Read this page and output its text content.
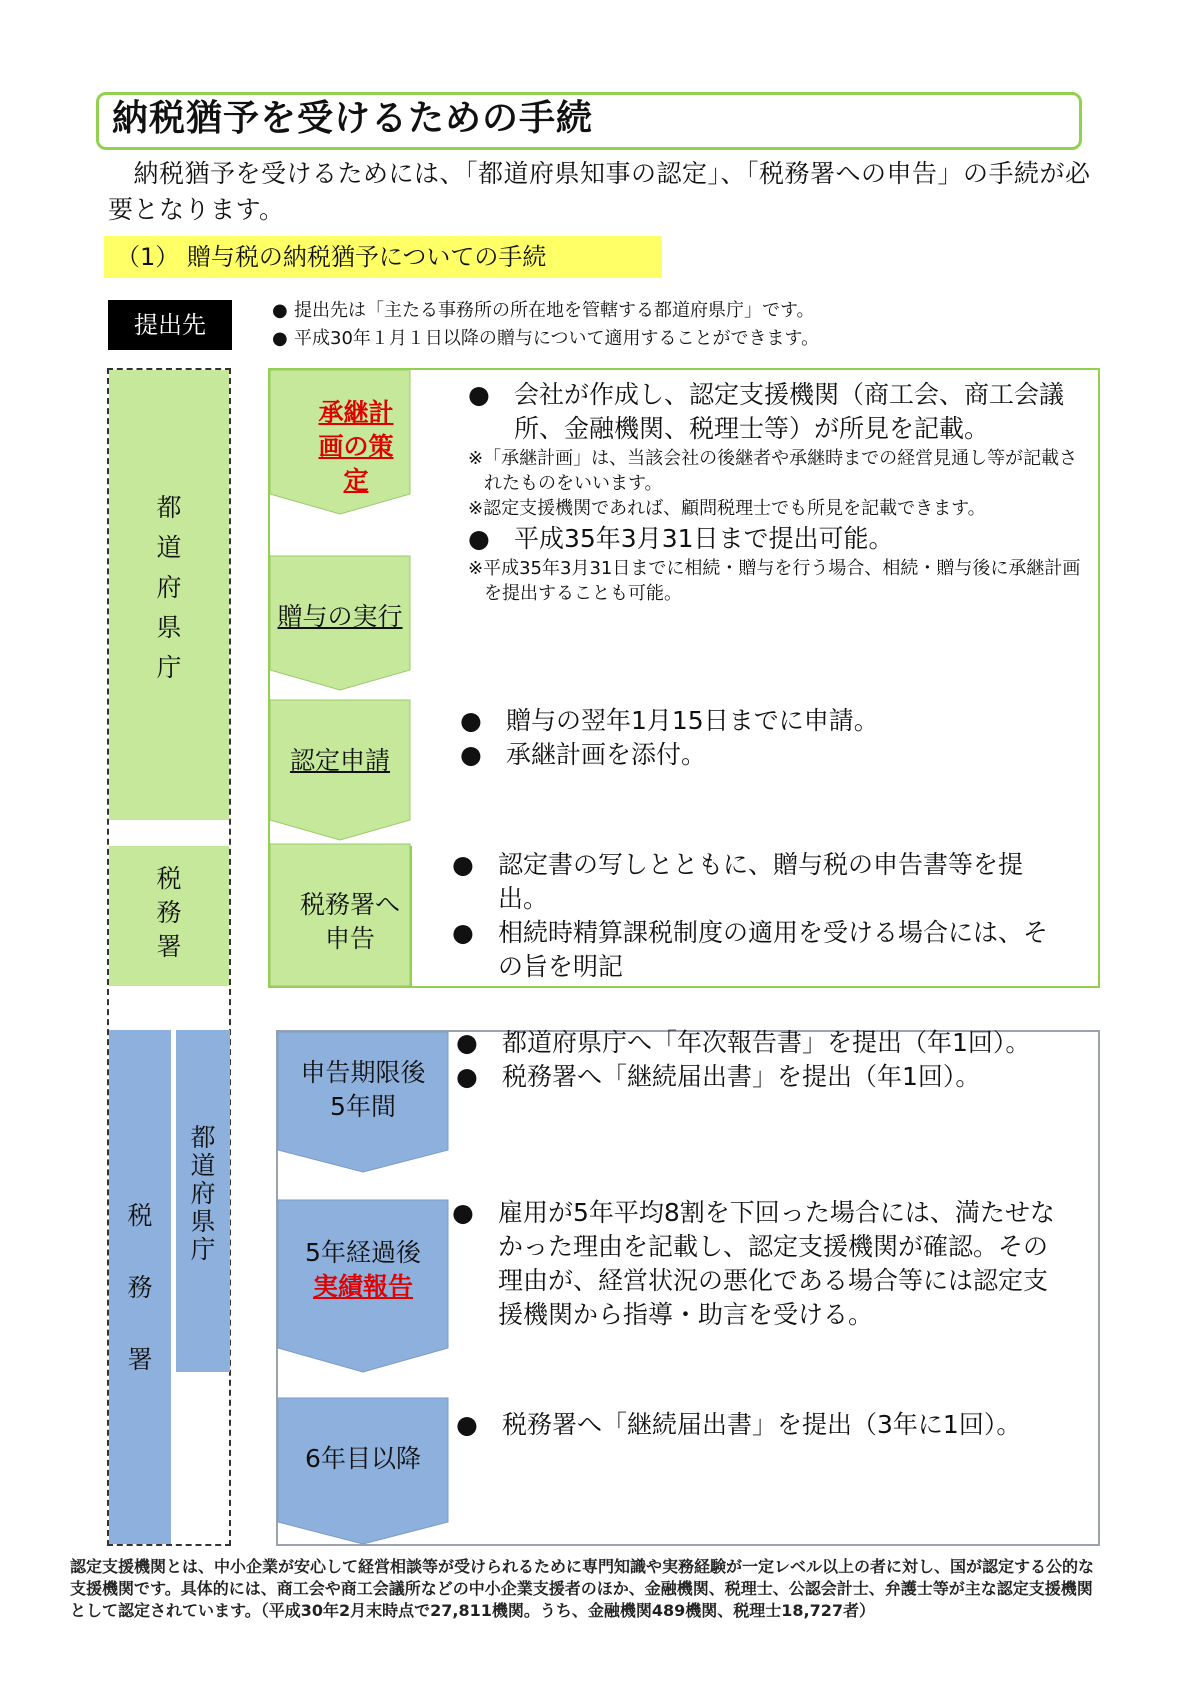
納税猶予を受けるための手続
　納税猶予を受けるためには、「都道府県知事の認定」、「税務署への申告」の手続が必要となります。
（1） 贈与税の納税猶予についての手続
提出先
● 提出先は「主たる事務所の所在地を管轄する都道府県庁」です。
● 平成30年１月１日以降の贈与について適用することができます。
都道府県庁
税務署
税務署
都道府県庁
承継計画の策定
贈与の実行
認定申請
税務署へ申告
● 会社が作成し、認定支援機関（商工会、商工会議所、金融機関、税理士等）が所見を記載。
※「承継計画」は、当該会社の後継者や承継時までの経営見通し等が記載されたものをいいます。
※認定支援機関であれば、顧問税理士でも所見を記載できます。
● 平成35年3月31日まで提出可能。
※平成35年3月31日までに相続・贈与を行う場合、相続・贈与後に承継計画を提出することも可能。
● 贈与の翌年1月15日までに申請。
● 承継計画を添付。
● 認定書の写しとともに、贈与税の申告書等を提出。
● 相続時精算課税制度の適用を受ける場合には、その旨を明記
申告期限後5年間
5年経過後
実績報告
6年目以降
● 都道府県庁へ「年次報告書」を提出（年1回）。
● 税務署へ「継続届出書」を提出（年1回）。
● 雇用が5年平均8割を下回った場合には、満たせなかった理由を記載し、認定支援機関が確認。その理由が、経営状況の悪化である場合等には認定支援機関から指導・助言を受ける。
● 税務署へ「継続届出書」を提出（3年に1回）。
認定支援機関とは、中小企業が安心して経営相談等が受けられるために専門知識や実務経験が一定レベル以上の者に対し、国が認定する公的な支援機関です。具体的には、商工会や商工会議所などの中小企業支援者のほか、金融機関、税理士、公認会計士、弁護士等が主な認定支援機関として認定されています。（平成30年2月末時点で27,811機関。うち、金融機関489機関、税理士18,727者）
